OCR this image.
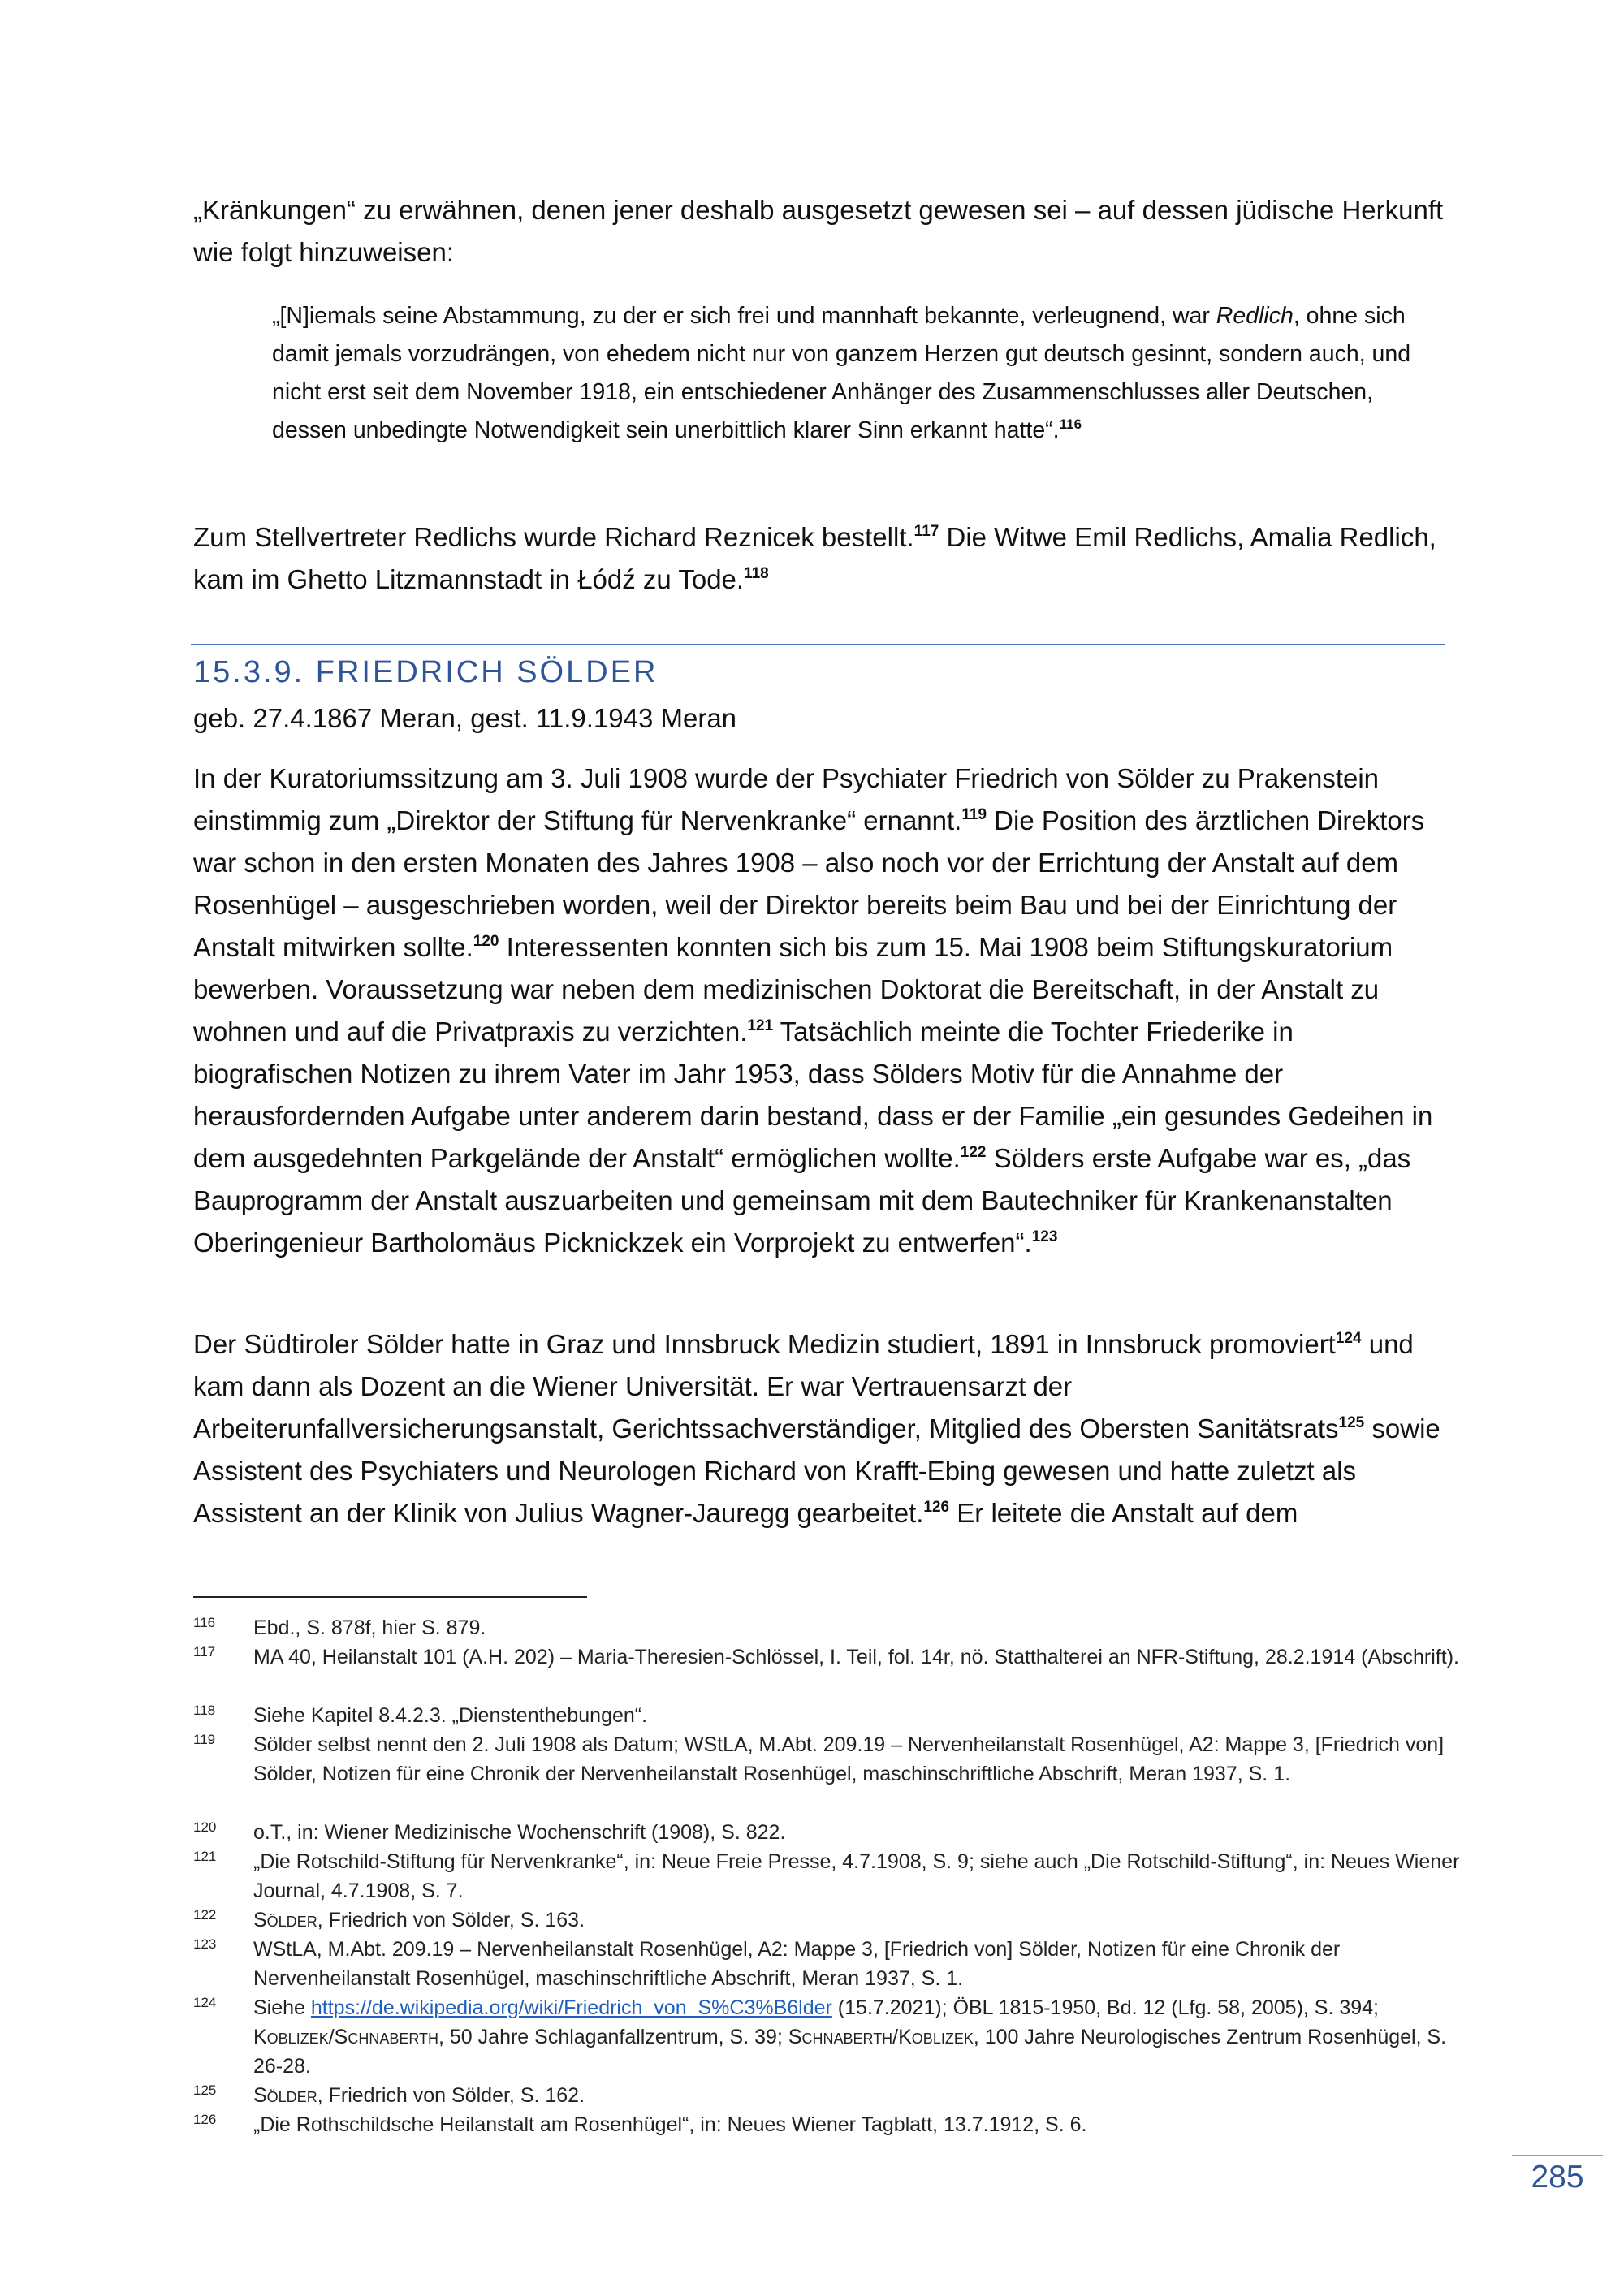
„Kränkungen“ zu erwähnen, denen jener deshalb ausgesetzt gewesen sei – auf dessen jüdische Herkunft wie folgt hinzuweisen:

„[N]iemals seine Abstammung, zu der er sich frei und mannhaft bekannte, verleugnend, war Redlich, ohne sich damit jemals vorzudrängen, von ehedem nicht nur von ganzem Herzen gut deutsch gesinnt, sondern auch, und nicht erst seit dem November 1918, ein entschiedener Anhänger des Zusammenschlusses aller Deutschen, dessen unbedingte Notwendigkeit sein unerbittlich klarer Sinn erkannt hatte“.$^{116}$

Zum Stellvertreter Redlichs wurde Richard Reznicek bestellt.$^{117}$ Die Witwe Emil Redlichs, Amalia Redlich, kam im Ghetto Litzmannstadt in Łódź zu Tode.$^{118}$

15.3.9. FRIEDRICH SÖLDER

geb. 27.4.1867 Meran, gest. 11.9.1943 Meran

In der Kuratoriumssitzung am 3. Juli 1908 wurde der Psychiater Friedrich von Sölder zu Prakenstein einstimmig zum „Direktor der Stiftung für Nervenkranke“ ernannt.$^{119}$ Die Position des ärztlichen Direktors war schon in den ersten Monaten des Jahres 1908 – also noch vor der Errichtung der Anstalt auf dem Rosenhügel – ausgeschrieben worden, weil der Direktor bereits beim Bau und bei der Einrichtung der Anstalt mitwirken sollte.$^{120}$ Interessenten konnten sich bis zum 15. Mai 1908 beim Stiftungskuratorium bewerben. Voraussetzung war neben dem medizinischen Doktorat die Bereitschaft, in der Anstalt zu wohnen und auf die Privatpraxis zu verzichten.$^{121}$ Tatsächlich meinte die Tochter Friederike in biografischen Notizen zu ihrem Vater im Jahr 1953, dass Sölders Motiv für die Annahme der herausfordernden Aufgabe unter anderem darin bestand, dass er der Familie „ein gesundes Gedeihen in dem ausgedehnten Parkgelände der Anstalt“ ermöglichen wollte.$^{122}$ Sölders erste Aufgabe war es, „das Bauprogramm der Anstalt auszuarbeiten und gemeinsam mit dem Bautechniker für Krankenanstalten Oberingenieur Bartholomäus Picknickzek ein Vorprojekt zu entwerfen“.$^{123}$

Der Südtiroler Sölder hatte in Graz und Innsbruck Medizin studiert, 1891 in Innsbruck promoviert$^{124}$ und kam dann als Dozent an die Wiener Universität. Er war Vertrauensarzt der Arbeiterunfallversicherungsanstalt, Gerichtssachverständiger, Mitglied des Obersten Sanitätsrats$^{125}$ sowie Assistent des Psychiaters und Neurologen Richard von Krafft-Ebing gewesen und hatte zuletzt als Assistent an der Klinik von Julius Wagner-Jauregg gearbeitet.$^{126}$ Er leitete die Anstalt auf dem

116 Ebd., S. 878f, hier S. 879.
117 MA 40, Heilanstalt 101 (A.H. 202) – Maria-Theresien-Schlössel, I. Teil, fol. 14r, nö. Statthalterei an NFR-Stiftung, 28.2.1914 (Abschrift).
118 Siehe Kapitel 8.4.2.3. „Dienstenthebungen“.
119 Sölder selbst nennt den 2. Juli 1908 als Datum; WStLA, M.Abt. 209.19 – Nervenheilanstalt Rosenhügel, A2: Mappe 3, [Friedrich von] Sölder, Notizen für eine Chronik der Nervenheilanstalt Rosenhügel, maschinschriftliche Abschrift, Meran 1937, S. 1.
120 o.T., in: Wiener Medizinische Wochenschrift (1908), S. 822.
121 „Die Rotschild-Stiftung für Nervenkranke“, in: Neue Freie Presse, 4.7.1908, S. 9; siehe auch „Die Rotschild-Stiftung“, in: Neues Wiener Journal, 4.7.1908, S. 7.
122 Sölder, Friedrich von Sölder, S. 163.
123 WStLA, M.Abt. 209.19 – Nervenheilanstalt Rosenhügel, A2: Mappe 3, [Friedrich von] Sölder, Notizen für eine Chronik der Nervenheilanstalt Rosenhügel, maschinschriftliche Abschrift, Meran 1937, S. 1.
124 Siehe https://de.wikipedia.org/wiki/Friedrich_von_S%C3%B6lder (15.7.2021); ÖBL 1815-1950, Bd. 12 (Lfg. 58, 2005), S. 394; Koblizek/Schnaberth, 50 Jahre Schlaganfallzentrum, S. 39; Schnaberth/Koblizek, 100 Jahre Neurologisches Zentrum Rosenhügel, S. 26-28.
125 Sölder, Friedrich von Sölder, S. 162.
126 „Die Rothschildsche Heilanstalt am Rosenhügel“, in: Neues Wiener Tagblatt, 13.7.1912, S. 6.
285
